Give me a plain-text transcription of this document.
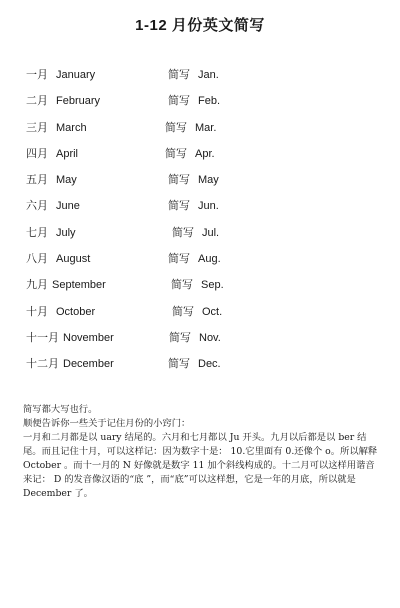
1-12 月份英文简写
一月 January	简写 Jan.
二月 February	简写 Feb.
三月 March	简写 Mar.
四月 April	简写 Apr.
五月 May	简写 May
六月 June	简写 Jun.
七月 July	简写 Jul.
八月 August	简写 Aug.
九月 September	简写 Sep.
十月 October	简写 Oct.
十一月 November	简写 Nov.
十二月 December	简写 Dec.

简写都大写也行。

顺便告诉你一些关于记住月份的小窍门：

一月和二月都是以 uary 结尾的。六月和七月都以 Ju 开头。九月以后都是以 ber 结尾。而且记住十月，可以这样记：因为数字十是： 10.它里面有 0.还像个 o。所以解释 October 。而十一月的 N 好像就是数字 11 加个斜线构成的。十二月可以这样用谐音来记： D 的发音像汉语的“底 ”，而“底”可以这样想，它是一年的月底，所以就是 December 了。
